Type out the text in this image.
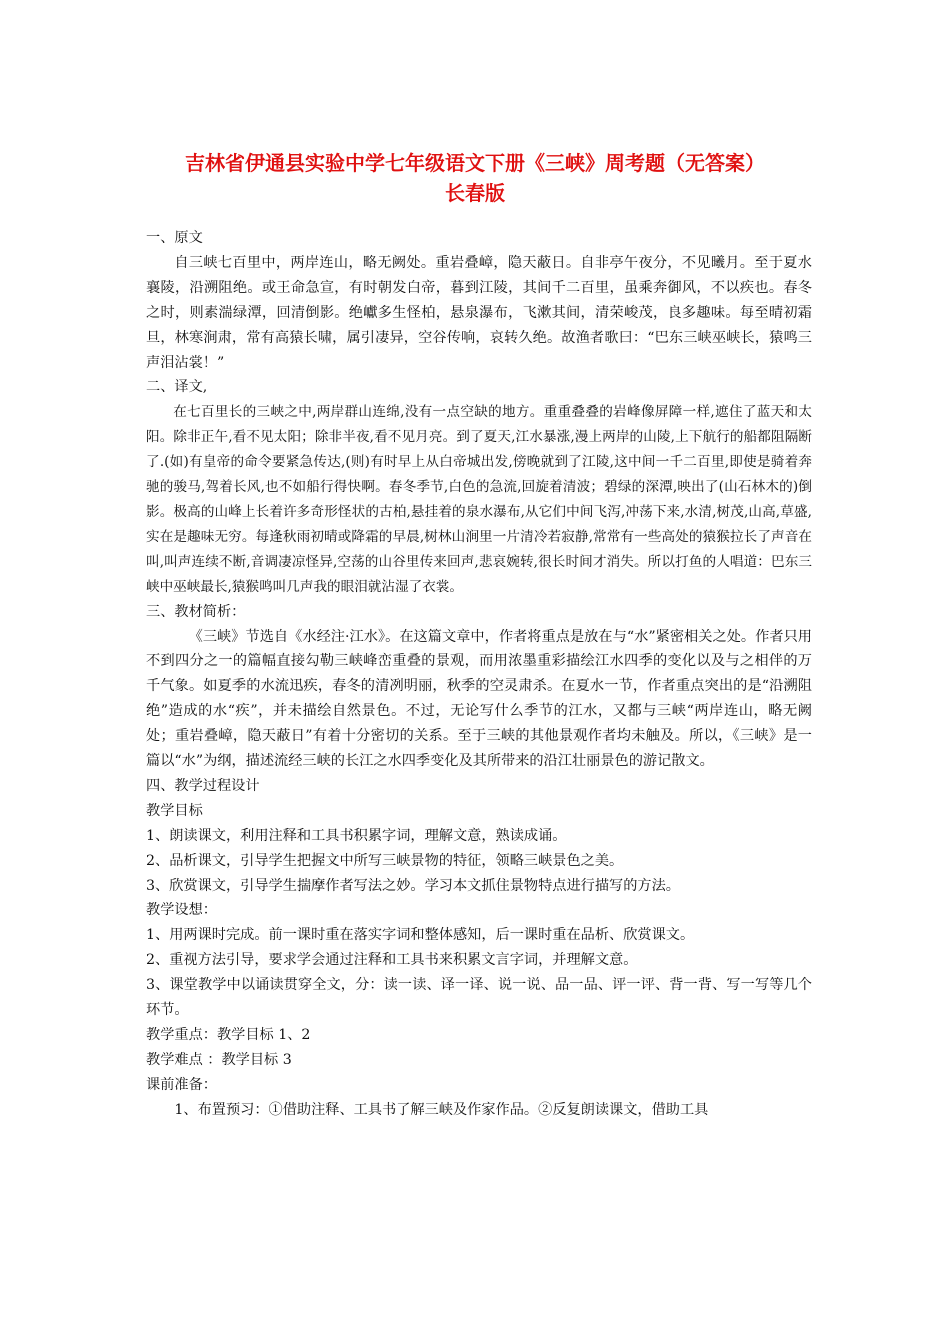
吉林省伊通县实验中学七年级语文下册《三峡》周考题（无答案）
长春版

一、原文

自三峡七百里中，两岸连山，略无阙处。重岩叠嶂，隐天蔽日。自非亭午夜分，不见曦月。至于夏水襄陵，沿溯阻绝。或王命急宣，有时朝发白帝，暮到江陵，其间千二百里，虽乘奔御风，不以疾也。春冬之时，则素湍绿潭，回清倒影。绝巘多生怪柏，悬泉瀑布，飞漱其间，清荣峻茂，良多趣味。每至晴初霜旦，林寒涧肃，常有高猿长啸，属引凄异，空谷传响，哀转久绝。故渔者歌曰：“巴东三峡巫峡长，猿鸣三声泪沾裳！”

二、译文,

在七百里长的三峡之中,两岸群山连绵,没有一点空缺的地方。重重叠叠的岩峰像屏障一样,遮住了蓝天和太阳。除非正午,看不见太阳；除非半夜,看不见月亮。到了夏天,江水暴涨,漫上两岸的山陵,上下航行的船都阻隔断了.(如)有皇帝的命令要紧急传达,(则)有时早上从白帝城出发,傍晚就到了江陵,这中间一千二百里,即使是骑着奔驰的骏马,驾着长风,也不如船行得快啊。春冬季节,白色的急流,回旋着清波；碧绿的深潭,映出了(山石林木的)倒影。极高的山峰上长着许多奇形怪状的古柏,悬挂着的泉水瀑布,从它们中间飞泻,冲荡下来,水清,树茂,山高,草盛,实在是趣味无穷。每逢秋雨初晴或降霜的早晨,树林山涧里一片清冷若寂静,常常有一些高处的猿猴拉长了声音在叫,叫声连续不断,音调凄凉怪异,空荡的山谷里传来回声,悲哀婉转,很长时间才消失。所以打鱼的人唱道：巴东三峡中巫峡最长,猿猴鸣叫几声我的眼泪就沾湿了衣裳。

三、教材简析：

《三峡》节选自《水经注·江水》。在这篇文章中，作者将重点是放在与“水”紧密相关之处。作者只用不到四分之一的篇幅直接勾勒三峡峰峦重叠的景观，而用浓墨重彩描绘江水四季的变化以及与之相伴的万千气象。如夏季的水流迅疾，春冬的清冽明丽，秋季的空灵肃杀。在夏水一节，作者重点突出的是“沿溯阻绝”造成的水“疾”，并未描绘自然景色。不过，无论写什么季节的江水，又都与三峡“两岸连山，略无阙处；重岩叠嶂，隐天蔽日”有着十分密切的关系。至于三峡的其他景观作者均未触及。所以，《三峡》是一篇以“水”为纲，描述流经三峡的长江之水四季变化及其所带来的沿江壮丽景色的游记散文。

四、教学过程设计

教学目标

1、朗读课文，利用注释和工具书积累字词，理解文意，熟读成诵。

2、品析课文，引导学生把握文中所写三峡景物的特征，领略三峡景色之美。

3、欣赏课文，引导学生揣摩作者写法之妙。学习本文抓住景物特点进行描写的方法。

教学设想：

1、用两课时完成。前一课时重在落实字词和整体感知，后一课时重在品析、欣赏课文。

2、重视方法引导，要求学会通过注释和工具书来积累文言字词，并理解文意。

3、课堂教学中以诵读贯穿全文，分：读一读、译一译、说一说、品一品、评一评、背一背、写一写等几个环节。

教学重点：教学目标 1、2

教学难点 ：教学目标 3

课前准备：

1、布置预习：①借助注释、工具书了解三峡及作家作品。②反复朗读课文，借助工具
